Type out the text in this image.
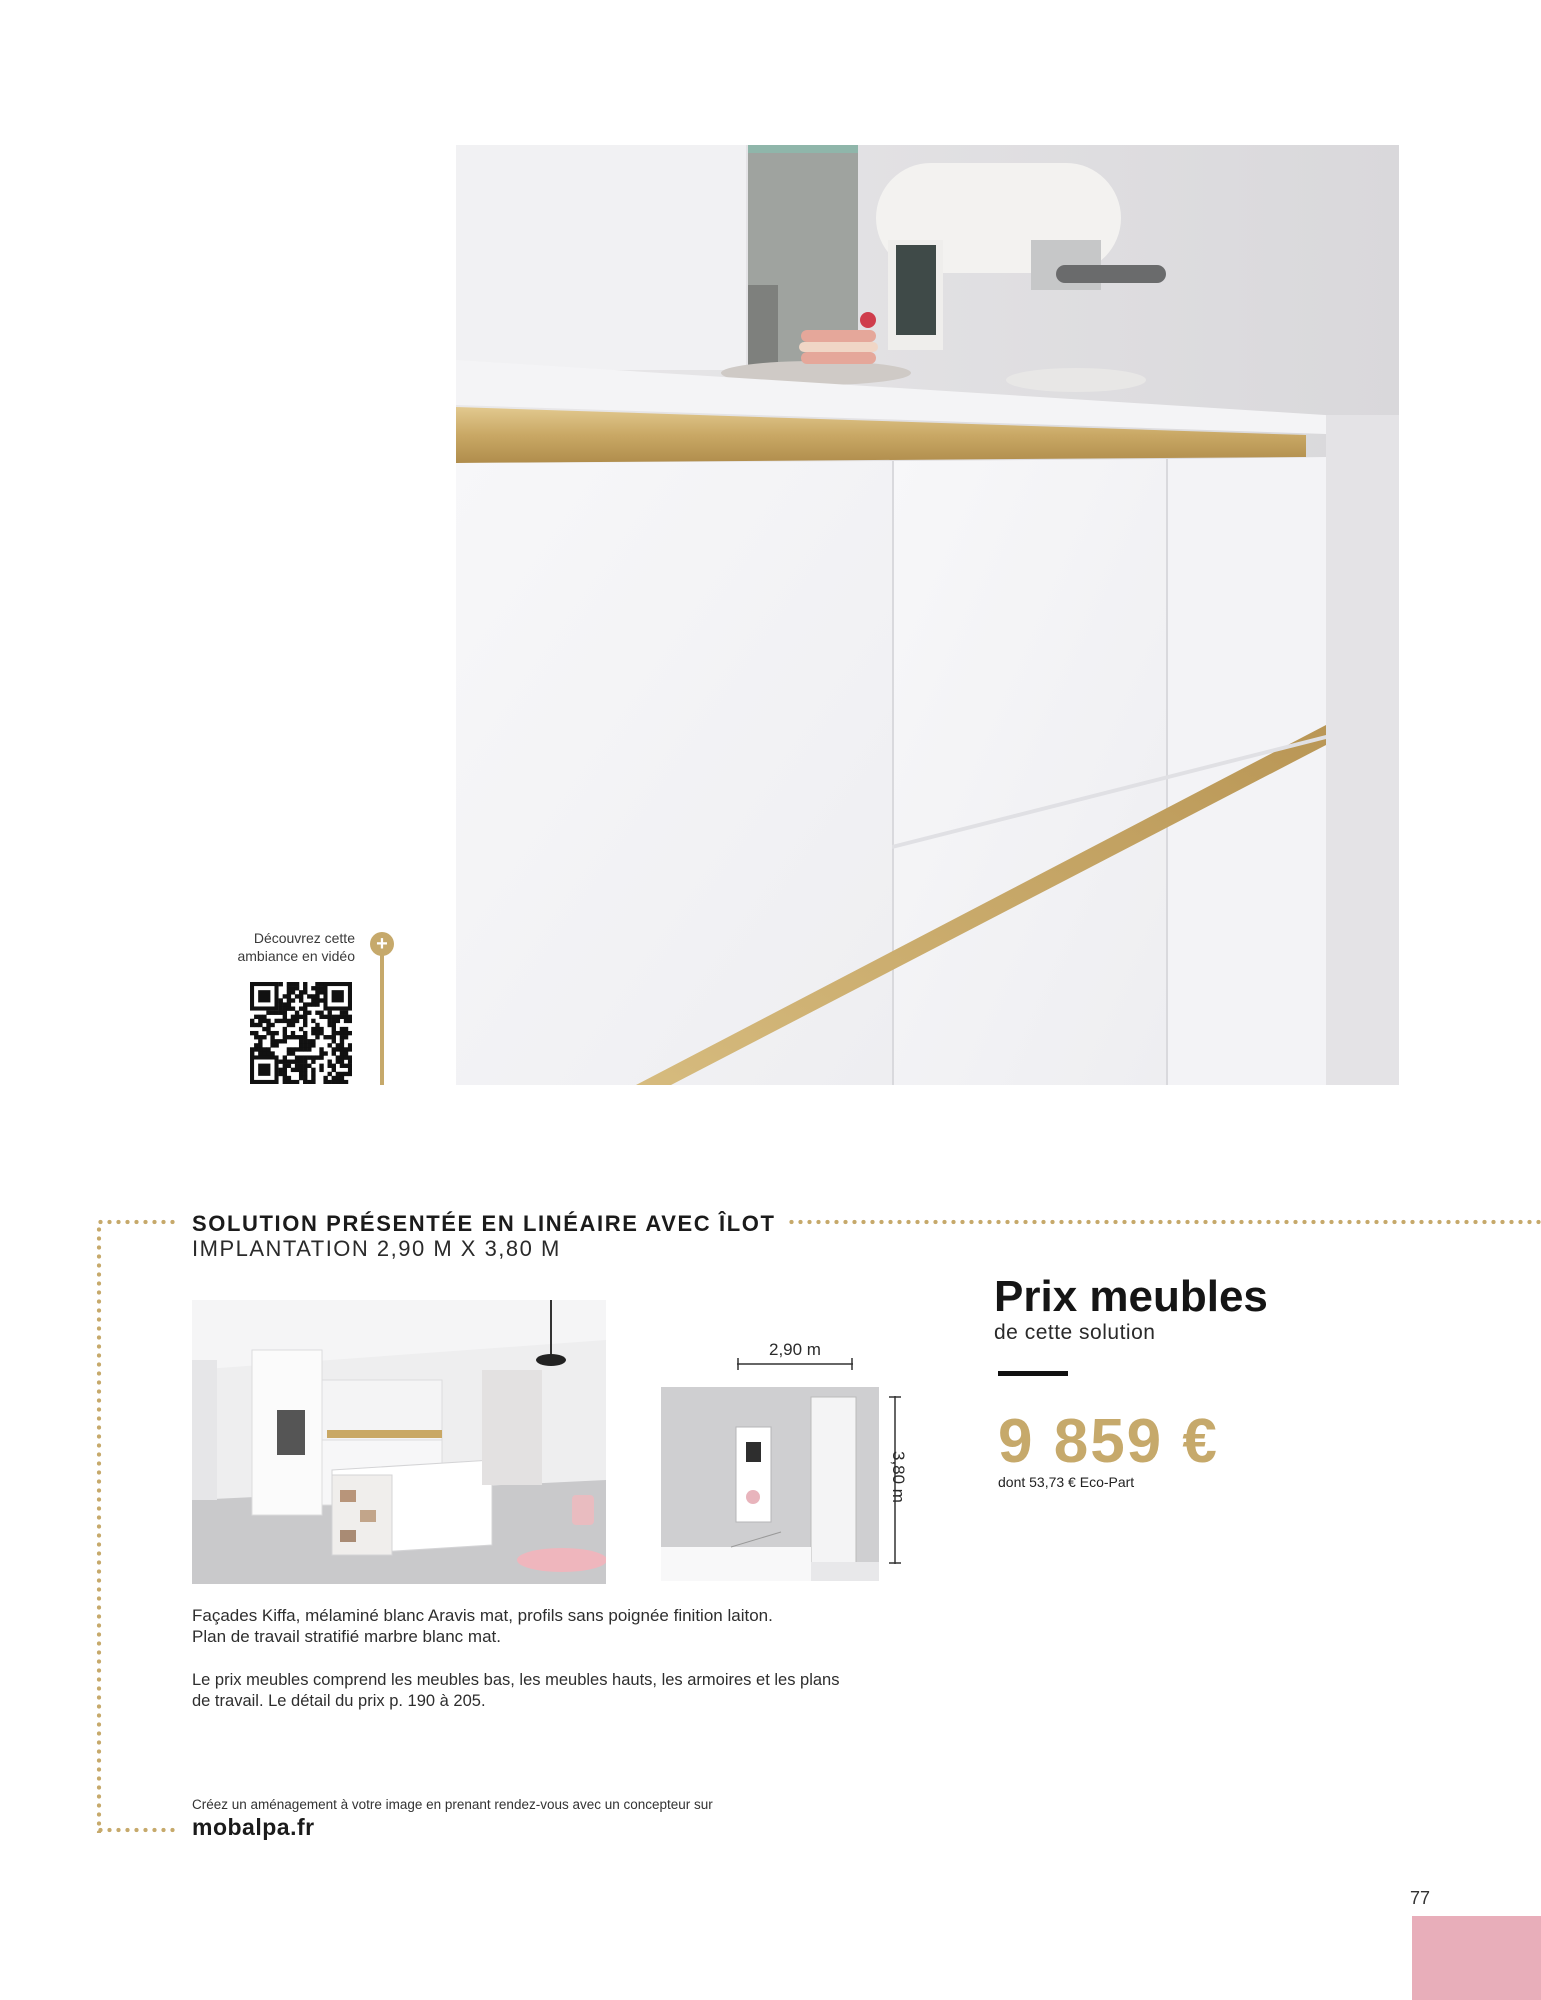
Découvrez cette
ambiance en vidéo
+
SOLUTION PRÉSENTÉE EN LINÉAIRE AVEC ÎLOT
IMPLANTATION 2,90 M X 3,80 M
2,90 m
3,80 m
Façades Kiffa, mélaminé blanc Aravis mat, profils sans poignée finition laiton.
Plan de travail stratifié marbre blanc mat.
Le prix meubles comprend les meubles bas, les meubles hauts, les armoires et les plans
de travail. Le détail du prix p. 190 à 205.
Créez un aménagement à votre image en prenant rendez-vous avec un concepteur sur
mobalpa.fr
Prix meubles
de cette solution
9 859 €
dont 53,73 € Eco-Part
77
